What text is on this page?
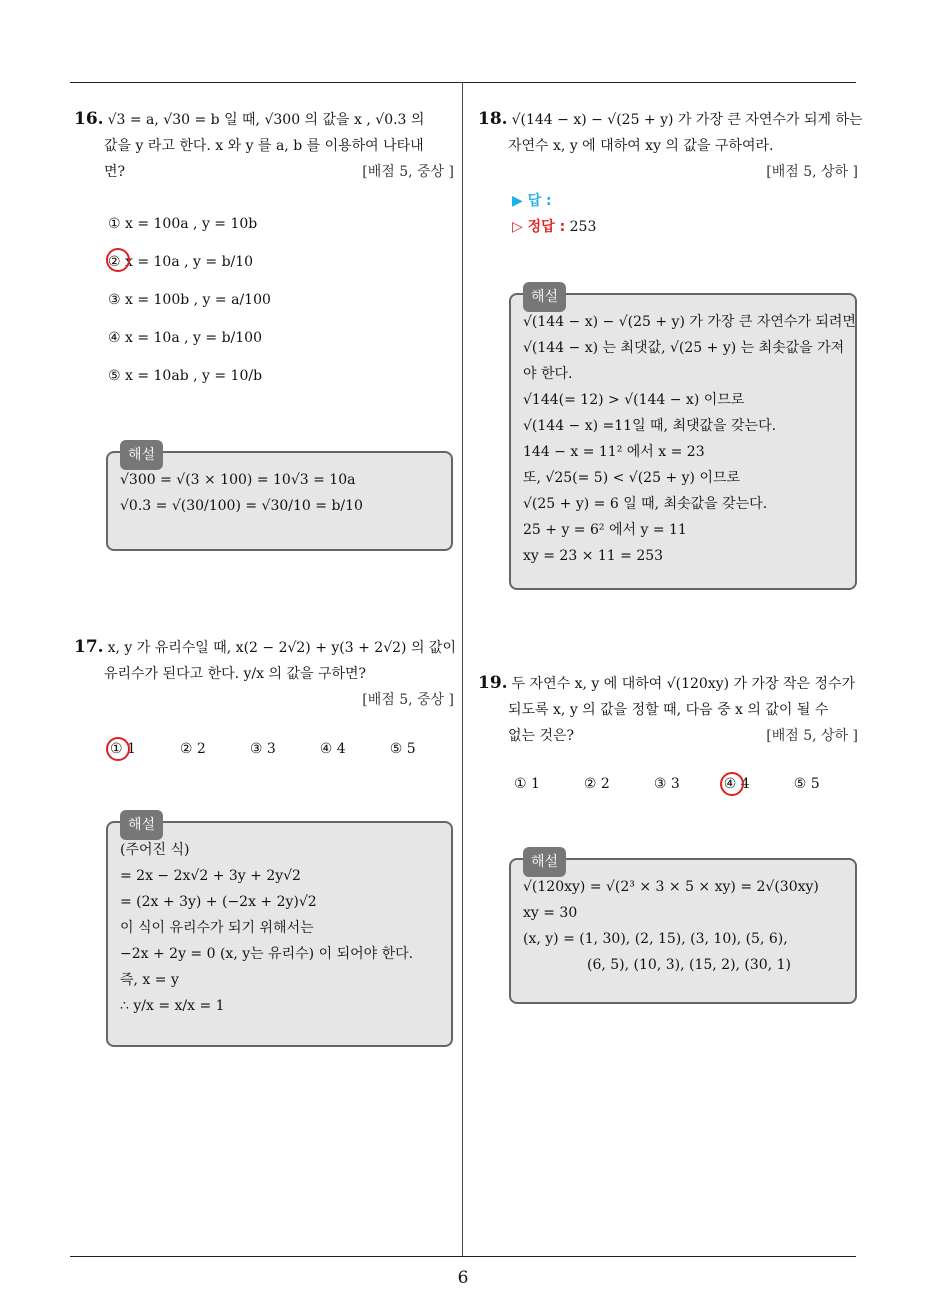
6
16. √3 = a, √30 = b 일 때, √300 의 값을 x , √0.3 의
값을 y 라고 한다. x 와 y 를 a, b 를 이용하여 나타내
면?	[배점 5, 중상 ]
① x = 100a , y = 10b
② x = 10a , y = b/10
③ x = 100b , y = a/100
④ x = 10a , y = b/100
⑤ x = 10ab , y = 10/b
해설
√300 = √(3 × 100) = 10√3 = 10a
√0.3 = √(30/100) = √30/10 = b/10
17. x, y 가 유리수일 때, x(2 − 2√2) + y(3 + 2√2) 의 값이
유리수가 된다고 한다. y/x 의 값을 구하면?
[배점 5, 중상 ]
① 1	② 2	③ 3	④ 4	⑤ 5
해설
(주어진 식)
= 2x − 2x√2 + 3y + 2y√2
= (2x + 3y) + (−2x + 2y)√2
이 식이 유리수가 되기 위해서는
−2x + 2y = 0 (x, y는 유리수) 이 되어야 한다.
즉, x = y
∴ y/x = x/x = 1
18. √(144 − x) − √(25 + y) 가 가장 큰 자연수가 되게 하는
자연수 x, y 에 대하여 xy 의 값을 구하여라.
[배점 5, 상하 ]
▶ 답 :
▷ 정답 : 253
해설
√(144 − x) − √(25 + y) 가 가장 큰 자연수가 되려면
√(144 − x) 는 최댓값, √(25 + y) 는 최솟값을 가져
야 한다.
√144(= 12) > √(144 − x) 이므로
√(144 − x) =11일 때, 최댓값을 갖는다.
144 − x = 11² 에서 x = 23
또, √25(= 5) < √(25 + y) 이므로
√(25 + y) = 6 일 때, 최솟값을 갖는다.
25 + y = 6² 에서 y = 11
xy = 23 × 11 = 253
19. 두 자연수 x, y 에 대하여 √(120xy) 가 가장 작은 정수가
되도록 x, y 의 값을 정할 때, 다음 중 x 의 값이 될 수
없는 것은?	[배점 5, 상하 ]
① 1	② 2	③ 3	④ 4	⑤ 5
해설
√(120xy) = √(2³ × 3 × 5 × xy) = 2√(30xy)
xy = 30
(x, y) = (1, 30), (2, 15), (3, 10), (5, 6),
(6, 5), (10, 3), (15, 2), (30, 1)
